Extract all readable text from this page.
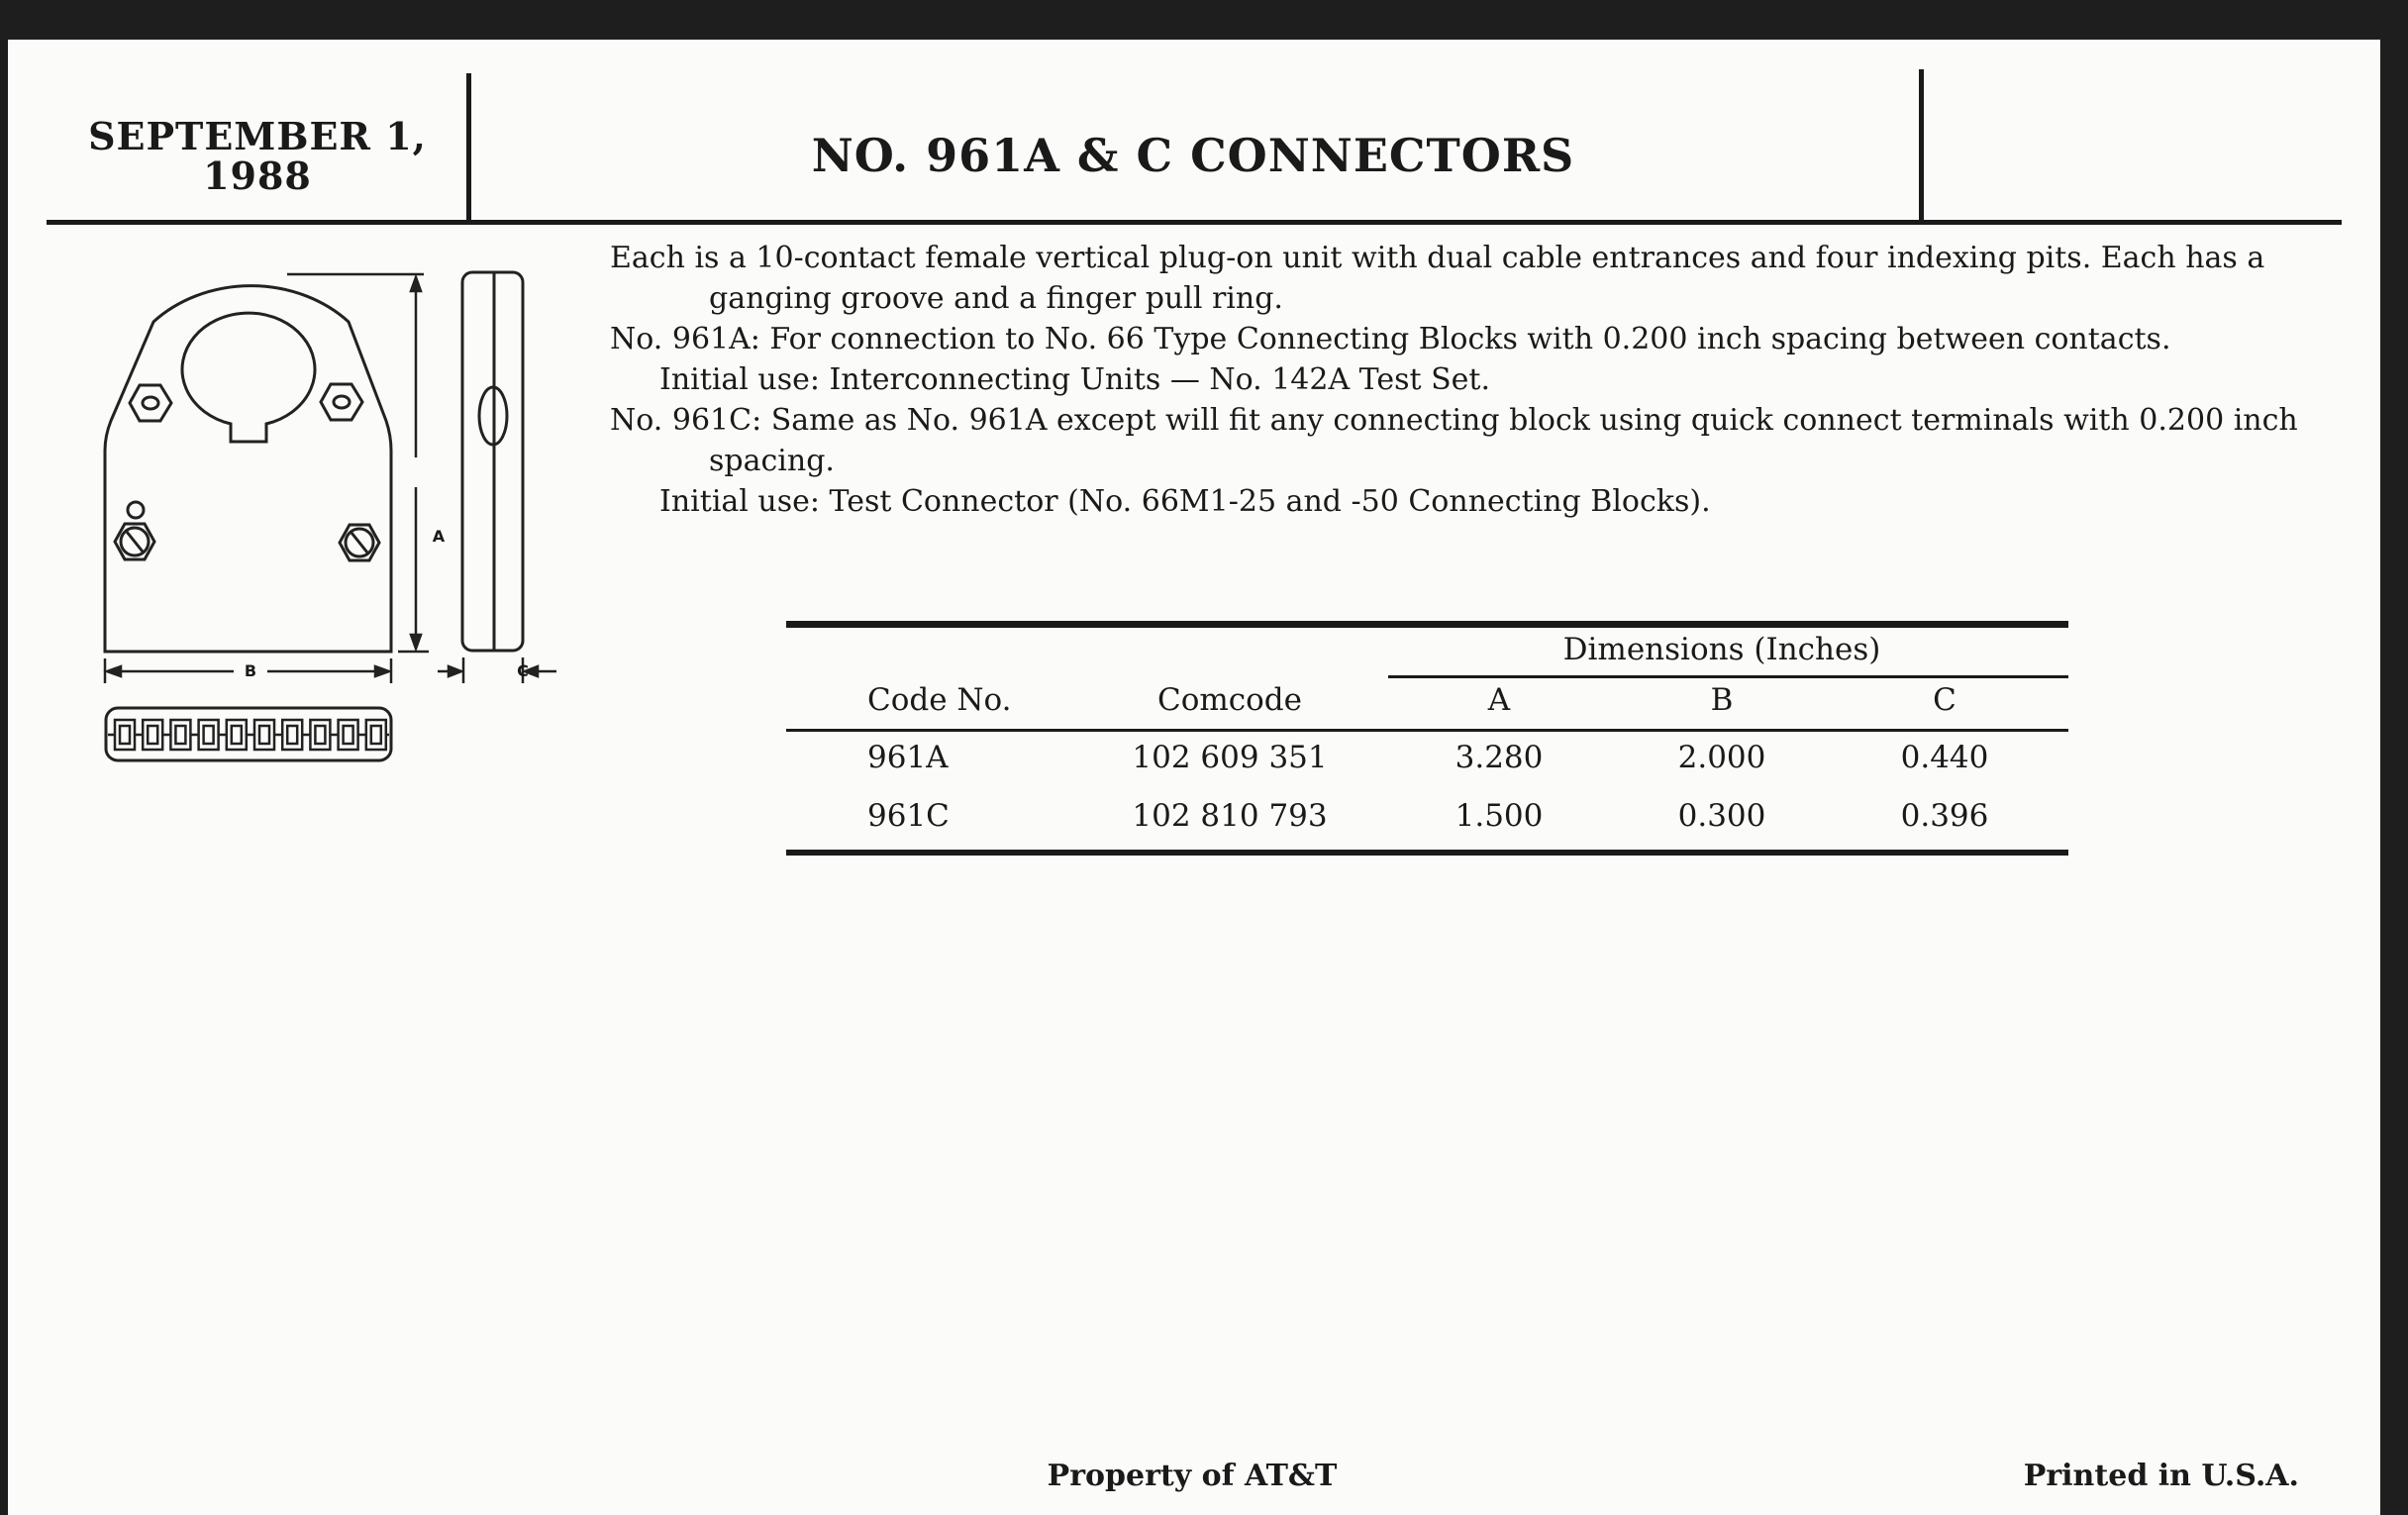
SEPTEMBER 1,
1988	NO. 961A & C CONNECTORS

Each is a 10-contact female vertical plug-on unit with dual cable entrances and four indexing pits. Each has a ganging groove and a finger pull ring.

No. 961A: For connection to No. 66 Type Connecting Blocks with 0.200 inch spacing between contacts.

Initial use: Interconnecting Units — No. 142A Test Set.

No. 961C: Same as No. 961A except will fit any connecting block using quick connect terminals with 0.200 inch spacing.

Initial use: Test Connector (No. 66M1-25 and -50 Connecting Blocks).

A
B	C
Dimensions (Inches)
Code No.	Comcode	A	B	C
961A	102 609 351	3.280	2.000	0.440
961C	102 810 793	1.500	0.300	0.396
Property of AT&T	Printed in U.S.A.
